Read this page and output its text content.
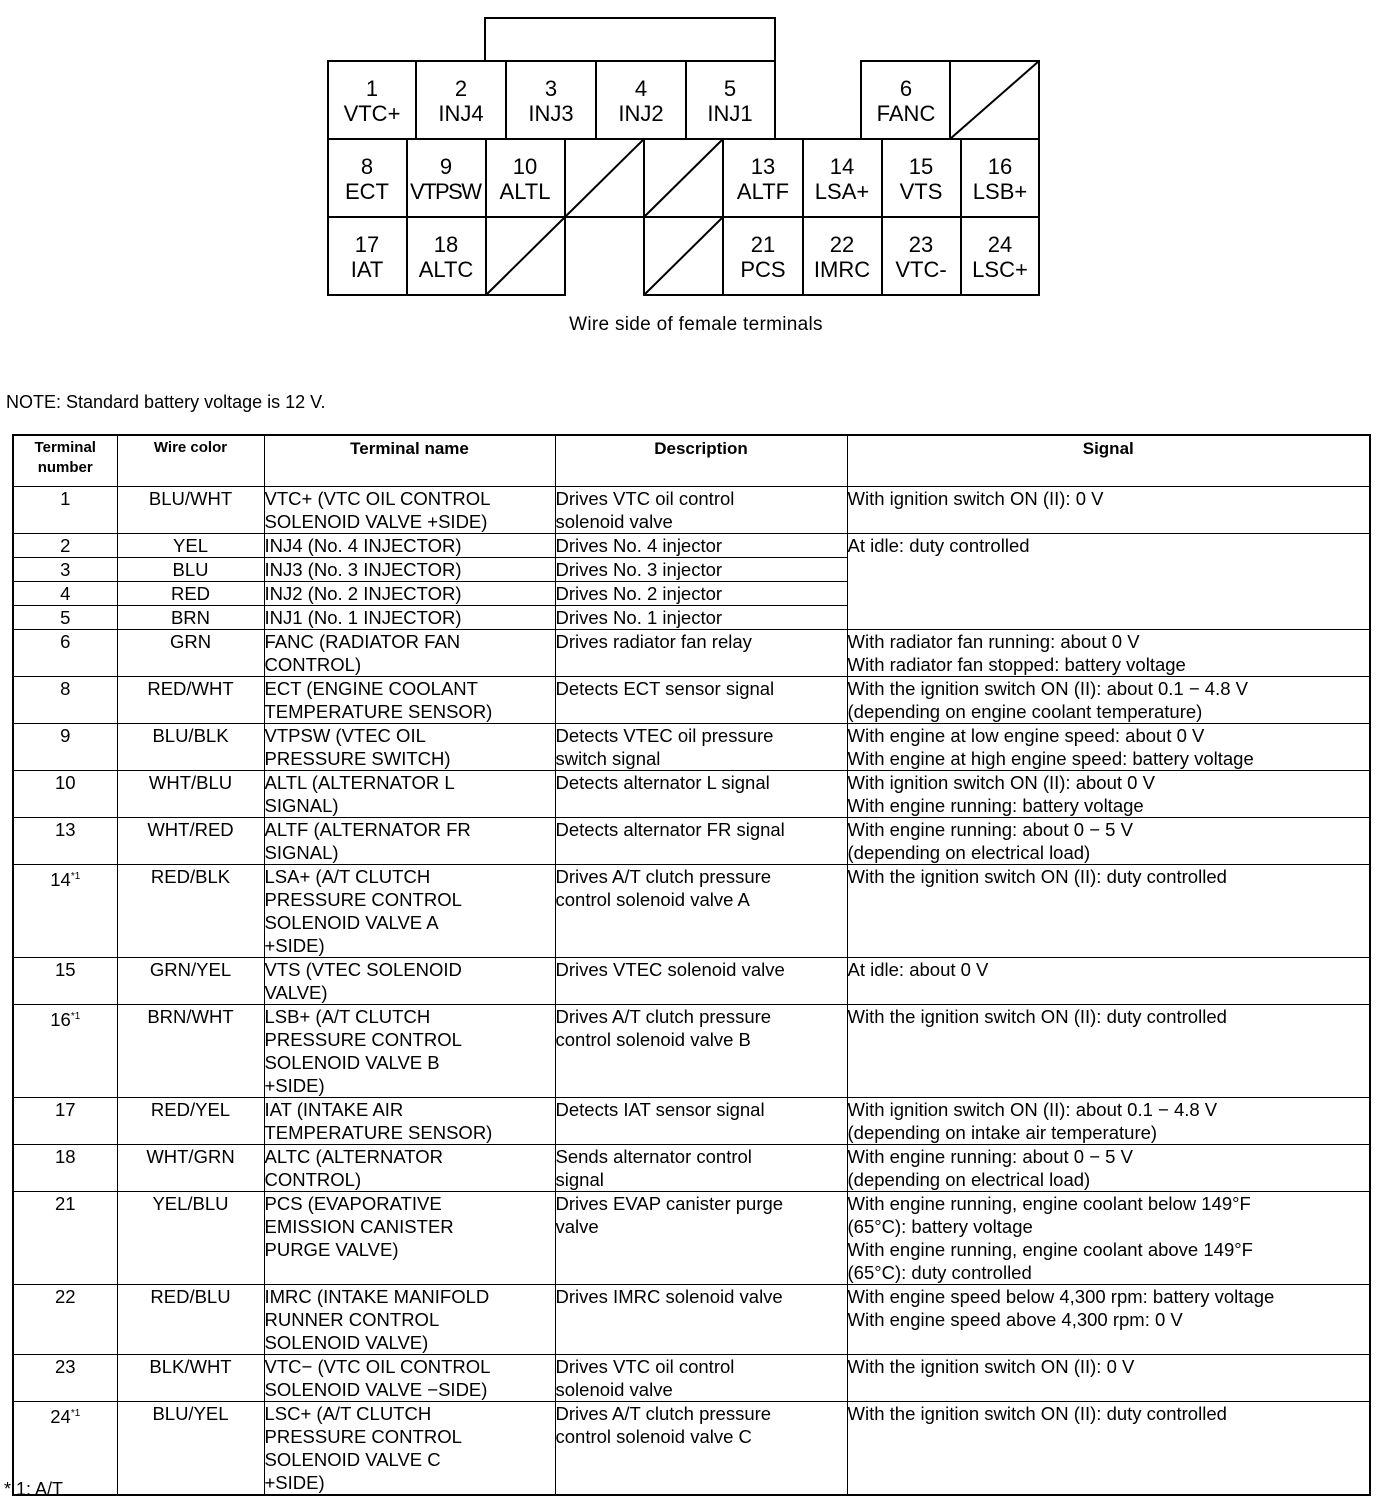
1
VTC+
2
INJ4
3
INJ3
4
INJ2
5
INJ1
6
FANC
8
ECT
9
VTPSW
10
ALTL
13
ALTF
14
LSA+
15
VTS
16
LSB+
17
IAT
18
ALTC
21
PCS
22
IMRC
23
VTC-
24
LSC+
Wire side of female terminals
NOTE: Standard battery voltage is 12 V.
Terminal
number	Wire color	Terminal name	Description	Signal
1	BLU/WHT	VTC+ (VTC OIL CONTROL
SOLENOID VALVE +SIDE)	Drives VTC oil control
solenoid valve	With ignition switch ON (II): 0 V

2	YEL	INJ4 (No. 4 INJECTOR)	Drives No. 4 injector	At idle: duty controlled

3	BLU	INJ3 (No. 3 INJECTOR)	Drives No. 3 injector	

4	RED	INJ2 (No. 2 INJECTOR)	Drives No. 2 injector	

5	BRN	INJ1 (No. 1 INJECTOR)	Drives No. 1 injector	

6	GRN	FANC (RADIATOR FAN
CONTROL)	Drives radiator fan relay	With radiator fan running: about 0 V
With radiator fan stopped: battery voltage

8	RED/WHT	ECT (ENGINE COOLANT
TEMPERATURE SENSOR)	Detects ECT sensor signal	With the ignition switch ON (II): about 0.1 − 4.8 V
(depending on engine coolant temperature)

9	BLU/BLK	VTPSW (VTEC OIL
PRESSURE SWITCH)	Detects VTEC oil pressure
switch signal	With engine at low engine speed: about 0 V
With engine at high engine speed: battery voltage

10	WHT/BLU	ALTL (ALTERNATOR L
SIGNAL)	Detects alternator L signal	With ignition switch ON (II): about 0 V
With engine running: battery voltage

13	WHT/RED	ALTF (ALTERNATOR FR
SIGNAL)	Detects alternator FR signal	With engine running: about 0 − 5 V
(depending on electrical load)

14$^{*1}$	RED/BLK	LSA+ (A/T CLUTCH
PRESSURE CONTROL
SOLENOID VALVE A
+SIDE)	Drives A/T clutch pressure
control solenoid valve A	With the ignition switch ON (II): duty controlled

15	GRN/YEL	VTS (VTEC SOLENOID
VALVE)	Drives VTEC solenoid valve	At idle: about 0 V

16$^{*1}$	BRN/WHT	LSB+ (A/T CLUTCH
PRESSURE CONTROL
SOLENOID VALVE B
+SIDE)	Drives A/T clutch pressure
control solenoid valve B	With the ignition switch ON (II): duty controlled

17	RED/YEL	IAT (INTAKE AIR
TEMPERATURE SENSOR)	Detects IAT sensor signal	With ignition switch ON (II): about 0.1 − 4.8 V
(depending on intake air temperature)

18	WHT/GRN	ALTC (ALTERNATOR
CONTROL)	Sends alternator control
signal	With engine running: about 0 − 5 V
(depending on electrical load)

21	YEL/BLU	PCS (EVAPORATIVE
EMISSION CANISTER
PURGE VALVE)	Drives EVAP canister purge
valve	With engine running, engine coolant below 149°F
(65°C): battery voltage
With engine running, engine coolant above 149°F
(65°C): duty controlled

22	RED/BLU	IMRC (INTAKE MANIFOLD
RUNNER CONTROL
SOLENOID VALVE)	Drives IMRC solenoid valve	With engine speed below 4,300 rpm: battery voltage
With engine speed above 4,300 rpm: 0 V

23	BLK/WHT	VTC− (VTC OIL CONTROL
SOLENOID VALVE −SIDE)	Drives VTC oil control
solenoid valve	With the ignition switch ON (II): 0 V

24$^{*1}$	BLU/YEL	LSC+ (A/T CLUTCH
PRESSURE CONTROL
SOLENOID VALVE C
+SIDE)	Drives A/T clutch pressure
control solenoid valve C	With the ignition switch ON (II): duty controlled
* 1: A/T
